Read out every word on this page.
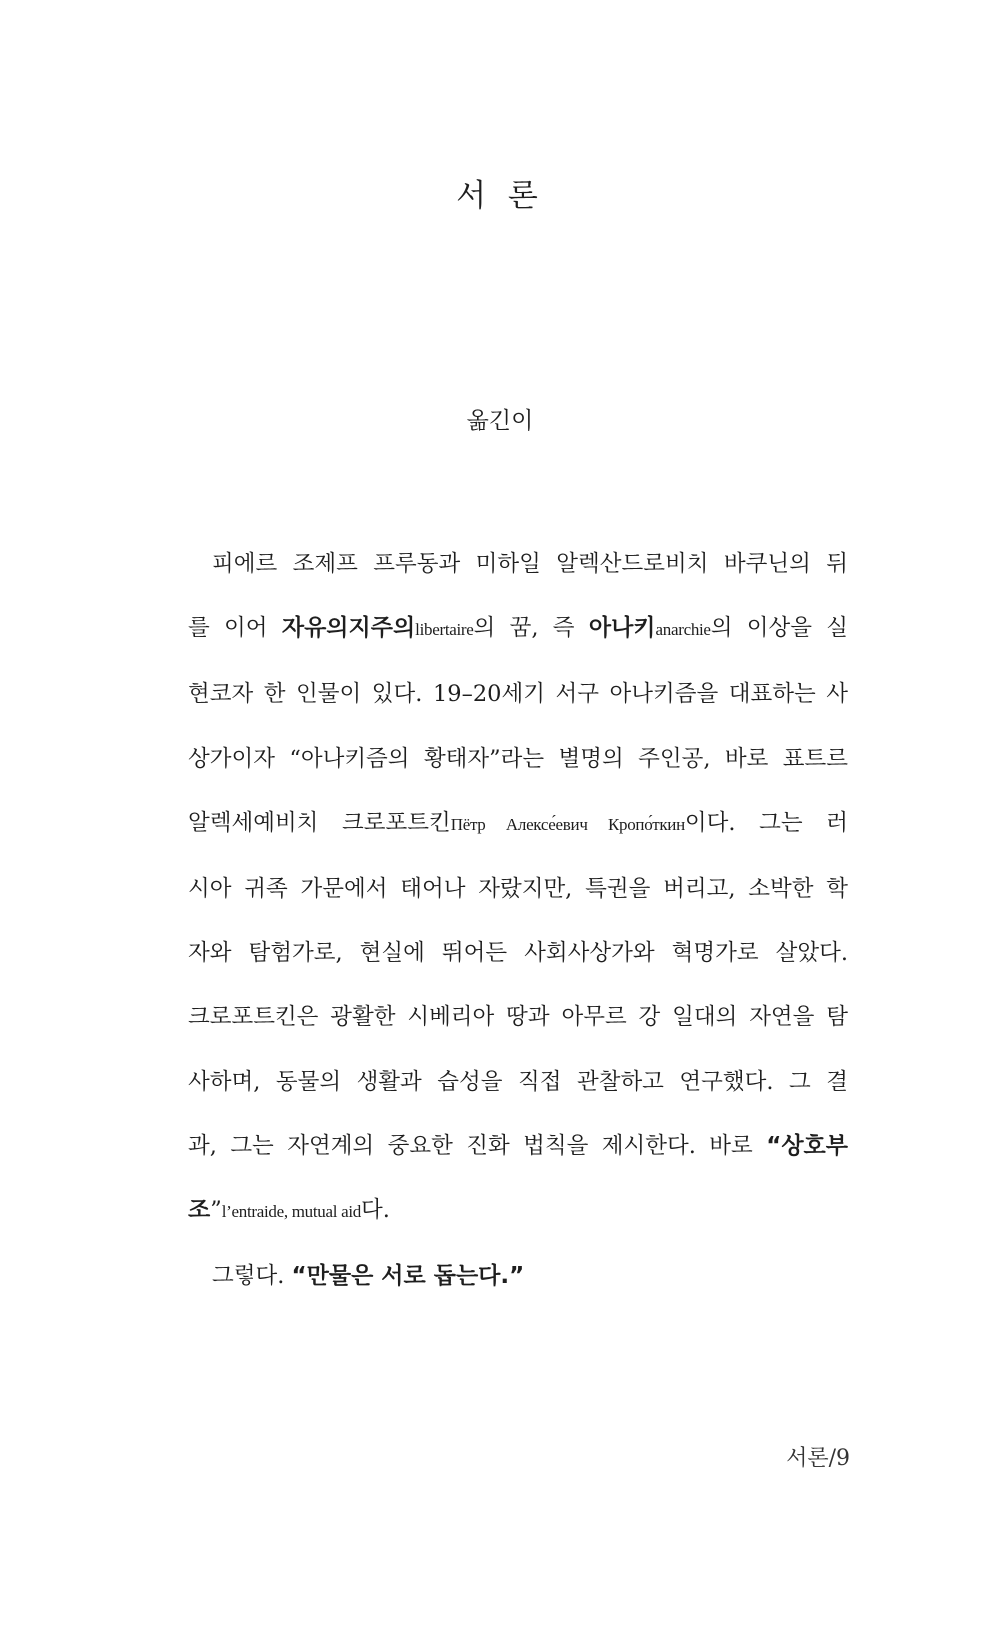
서 론
옮긴이

피에르 조제프 프루동과 미하일 알렉산드로비치 바쿠닌의 뒤
를 이어 자유의지주의libertaire의 꿈, 즉 아나키anarchie의 이상을 실
현코자 한 인물이 있다. 19–20세기 서구 아나키즘을 대표하는 사
상가이자 “아나키즘의 황태자”라는 별명의 주인공, 바로 표트르
알렉세예비치 크로포트킨Пётр Алексе́евич Кропо́ткин이다. 그는 러
시아 귀족 가문에서 태어나 자랐지만, 특권을 버리고, 소박한 학
자와 탐험가로, 현실에 뛰어든 사회사상가와 혁명가로 살았다.
크로포트킨은 광활한 시베리아 땅과 아무르 강 일대의 자연을 탐
사하며, 동물의 생활과 습성을 직접 관찰하고 연구했다. 그 결
과, 그는 자연계의 중요한 진화 법칙을 제시한다. 바로 “상호부
조”l’entraide, mutual aid다.

그렇다. “만물은 서로 돕는다.”

서론/9
